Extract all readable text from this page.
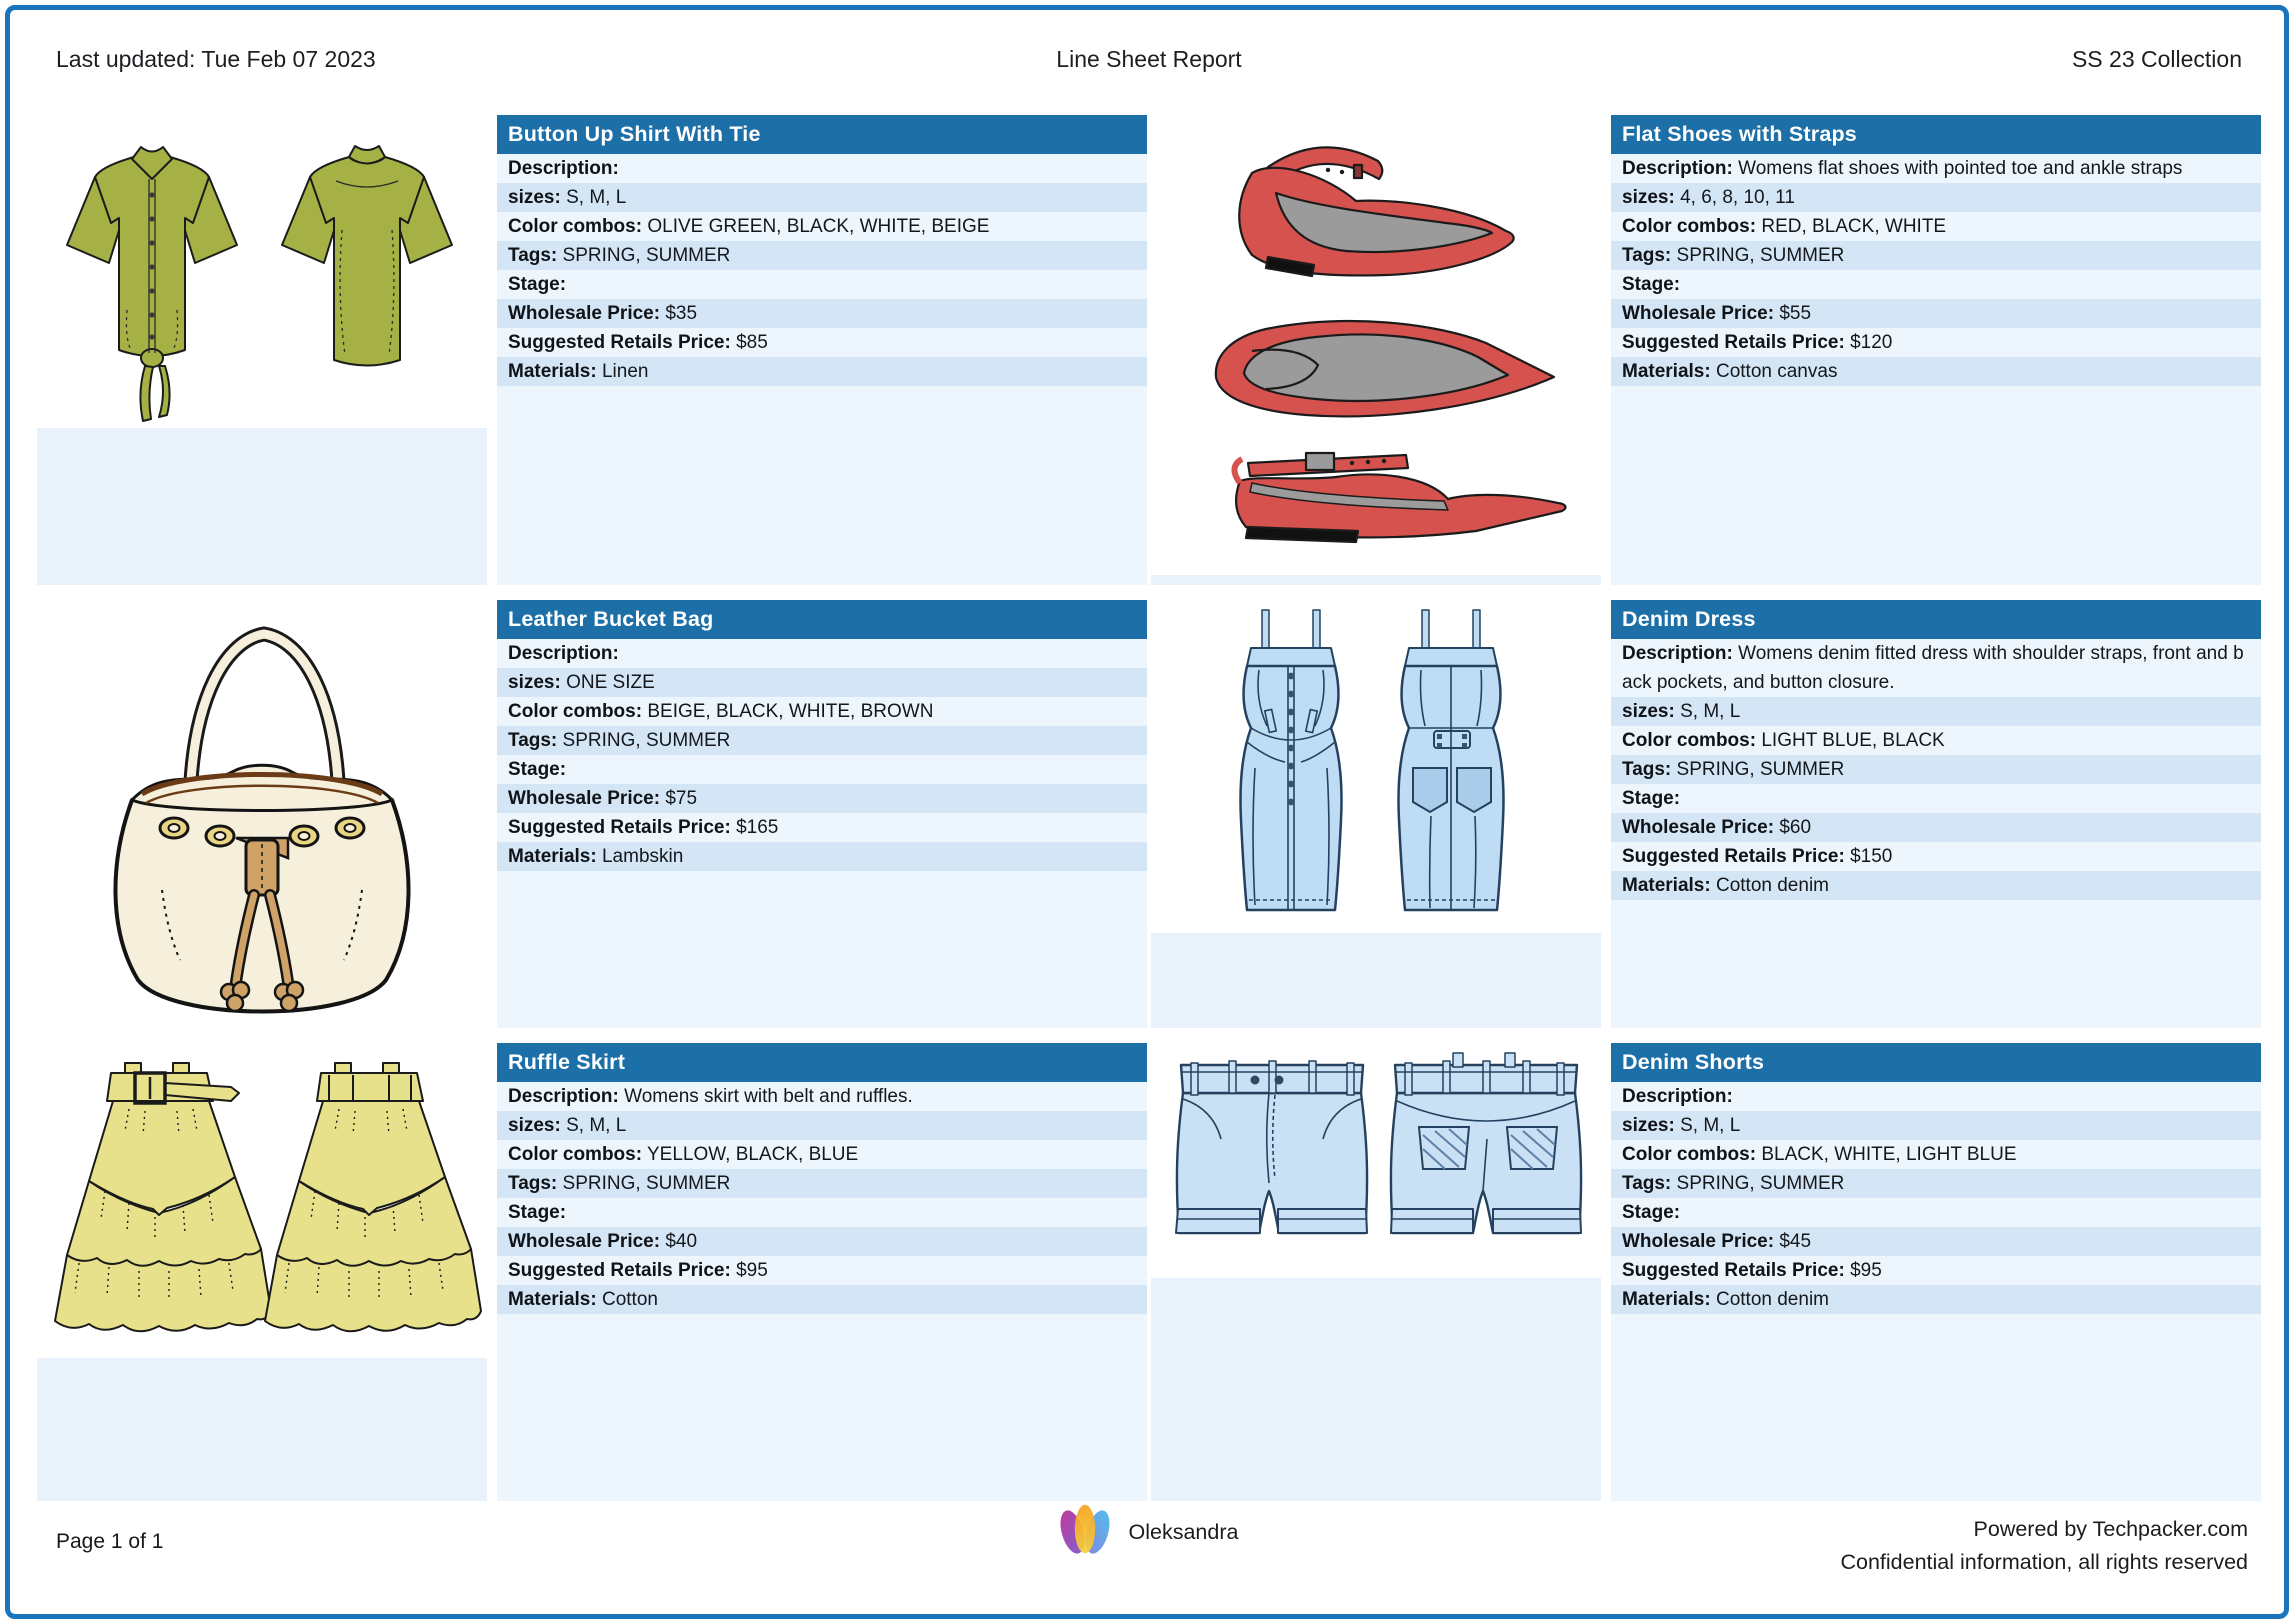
Line Sheet Report
Last updated: Tue Feb 07 2023	SS 23 Collection
Button Up Shirt With Tie
Description:
sizes: S, M, L
Color combos: OLIVE GREEN, BLACK, WHITE, BEIGE
Tags: SPRING, SUMMER
Stage:
Wholesale Price: $35
Suggested Retails Price: $85
Materials: Linen
Flat Shoes with Straps
Description: Womens flat shoes with pointed toe and ankle straps
sizes: 4, 6, 8, 10, 11
Color combos: RED, BLACK, WHITE
Tags: SPRING, SUMMER
Stage:
Wholesale Price: $55
Suggested Retails Price: $120
Materials: Cotton canvas
Leather Bucket Bag
Description:
sizes: ONE SIZE
Color combos: BEIGE, BLACK, WHITE, BROWN
Tags: SPRING, SUMMER
Stage:
Wholesale Price: $75
Suggested Retails Price: $165
Materials: Lambskin
Denim Dress
Description: Womens denim fitted dress with shoulder straps, front and back pockets, and button closure.
sizes: S, M, L
Color combos: LIGHT BLUE, BLACK
Tags: SPRING, SUMMER
Stage:
Wholesale Price: $60
Suggested Retails Price: $150
Materials: Cotton denim
Ruffle Skirt
Description: Womens skirt with belt and ruffles.
sizes: S, M, L
Color combos: YELLOW, BLACK, BLUE
Tags: SPRING, SUMMER
Stage:
Wholesale Price: $40
Suggested Retails Price: $95
Materials: Cotton
Denim Shorts
Description:
sizes: S, M, L
Color combos: BLACK, WHITE, LIGHT BLUE
Tags: SPRING, SUMMER
Stage:
Wholesale Price: $45
Suggested Retails Price: $95
Materials: Cotton denim
Page 1 of 1	Oleksandra	Powered by Techpacker.com
Confidential information, all rights reserved
